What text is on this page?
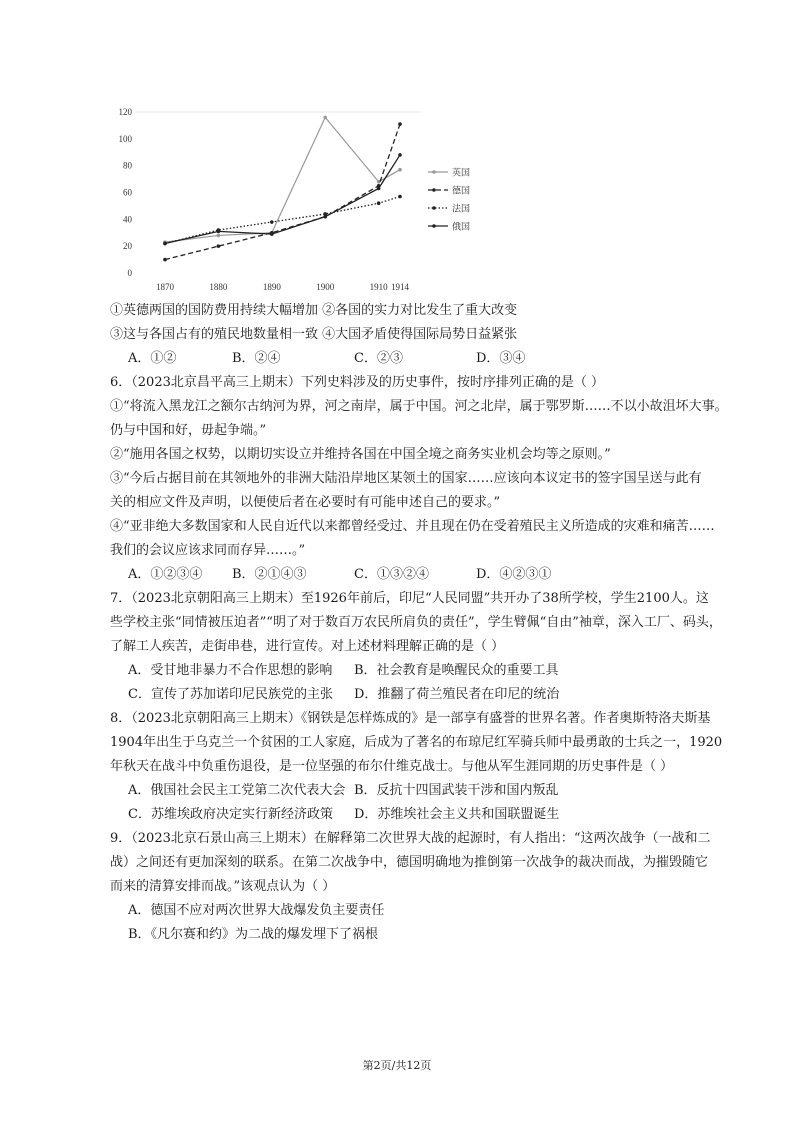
0
20
40
60
80
100
120
1870	1880	1890	1900	1910 1914
英国
德国
法国
俄国
①英德两国的国防费用持续大幅增加 ②各国的实力对比发生了重大改变
③这与各国占有的殖民地数量相一致 ④大国矛盾使得国际局势日益紧张
A．①②	B．②④	C．②③	D．③④
6．（2023北京昌平高三上期末）下列史料涉及的历史事件，按时序排列正确的是（ ）
①“将流入黑龙江之额尔古纳河为界，河之南岸，属于中国。河之北岸，属于鄂罗斯……不以小故沮坏大事。
仍与中国和好，毋起争端。”
②“施用各国之权势，以期切实设立并维持各国在中国全境之商务实业机会均等之原则。”
③“今后占据目前在其领地外的非洲大陆沿岸地区某领土的国家……应该向本议定书的签字国呈送与此有
关的相应文件及声明，以便使后者在必要时有可能申述自己的要求。”
④“亚非绝大多数国家和人民自近代以来都曾经受过、并且现在仍在受着殖民主义所造成的灾难和痛苦……
我们的会议应该求同而存异……。”
A．①②③④ B．②①④③	C．①③②④	D．④②③①
7．（2023北京朝阳高三上期末）至1926年前后，印尼“人民同盟”共开办了38所学校，学生2100人。这
些学校主张“同情被压迫者”“明了对于数百万农民所肩负的责任”，学生臂佩“自由”袖章，深入工厂、码头，
了解工人疾苦，走街串巷，进行宣传。对上述材料理解正确的是（ ）
A．受甘地非暴力不合作思想的影响 B．社会教育是唤醒民众的重要工具
C．宣传了苏加诺印尼民族党的主张 D．推翻了荷兰殖民者在印尼的统治
8．（2023北京朝阳高三上期末）《钢铁是怎样炼成的》是一部享有盛誉的世界名著。作者奥斯特洛夫斯基
1904年出生于乌克兰一个贫困的工人家庭，后成为了著名的布琼尼红军骑兵师中最勇敢的士兵之一，1920
年秋天在战斗中负重伤退役，是一位坚强的布尔什维克战士。与他从军生涯同期的历史事件是（ ）
A．俄国社会民主工党第二次代表大会 B．反抗十四国武装干涉和国内叛乱
C．苏维埃政府决定实行新经济政策 D．苏维埃社会主义共和国联盟诞生
9．（2023北京石景山高三上期末）在解释第二次世界大战的起源时，有人指出：“这两次战争（一战和二
战）之间还有更加深刻的联系。在第二次战争中，德国明确地为推倒第一次战争的裁决而战，为摧毁随它
而来的清算安排而战。”该观点认为（ ）
A．德国不应对两次世界大战爆发负主要责任
B．《凡尔赛和约》为二战的爆发埋下了祸根
第2页/共12页
